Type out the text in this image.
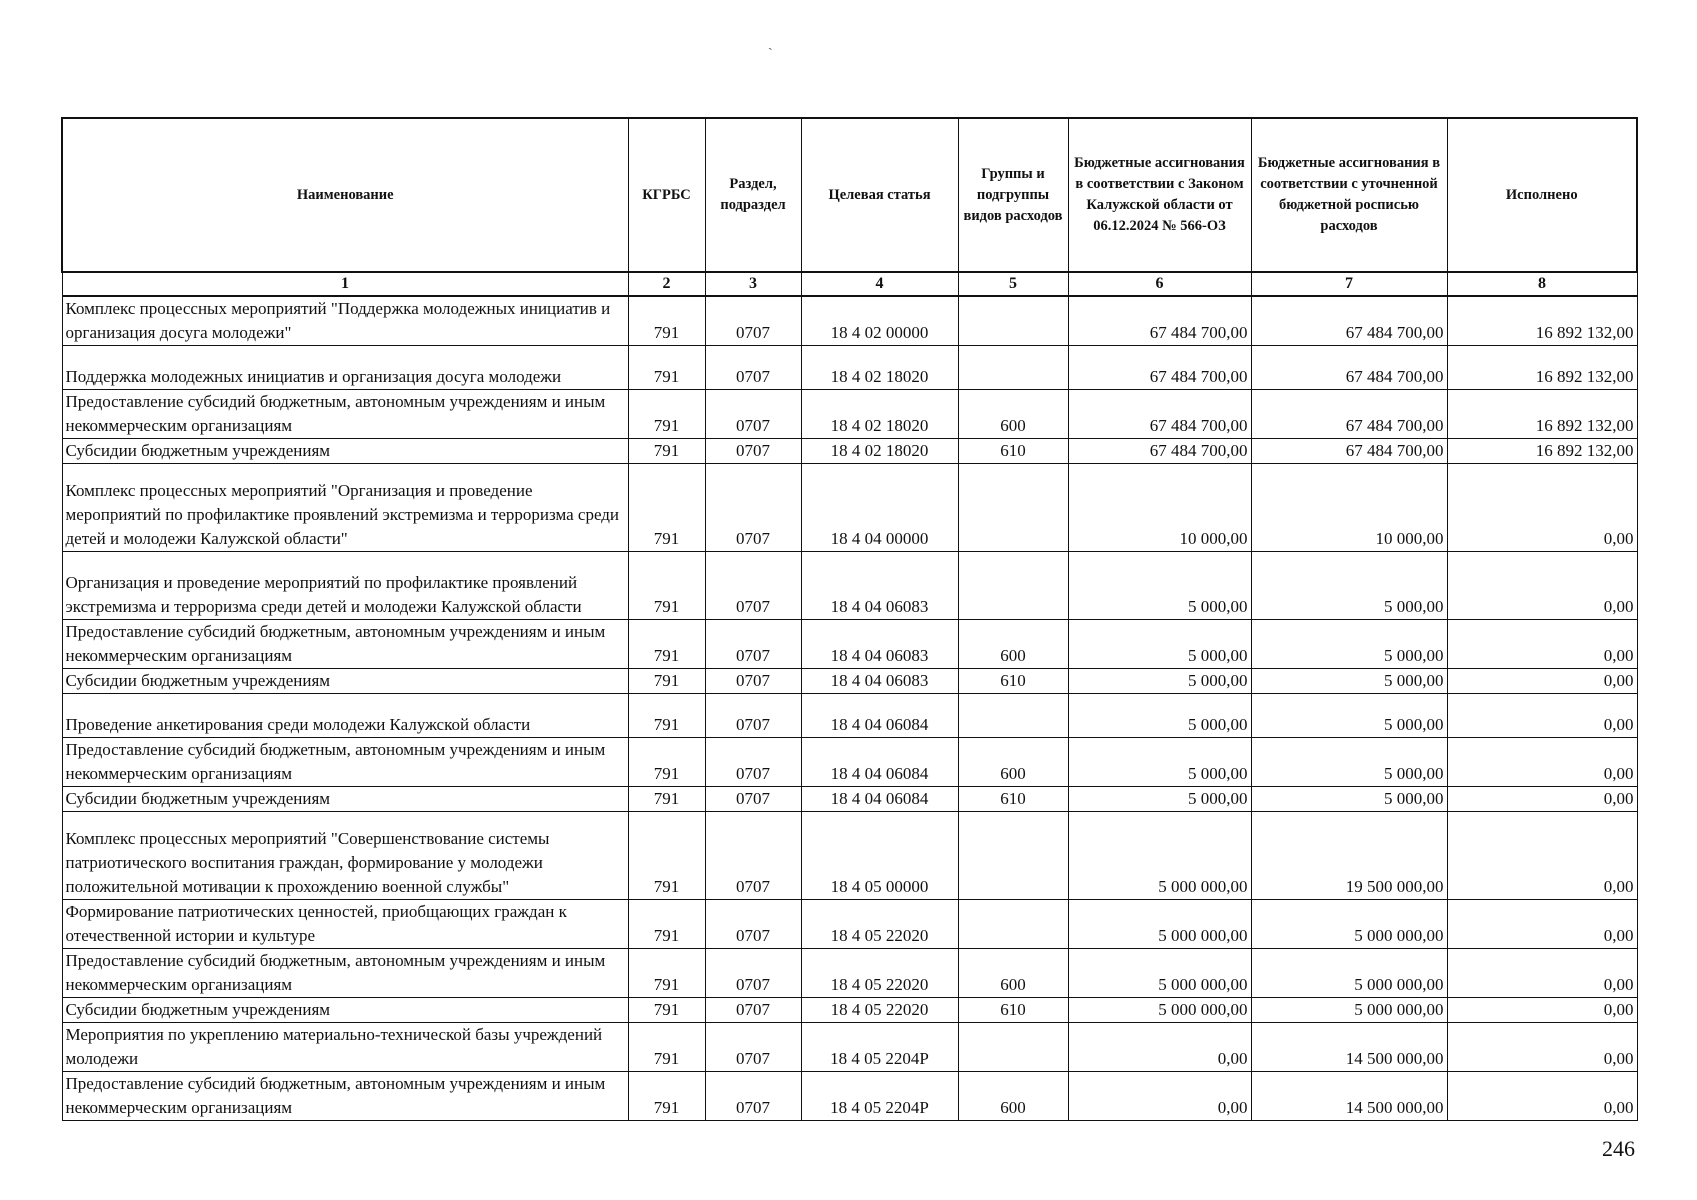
ˏ
Наименование	КГРБС	Раздел, подраздел	Целевая статья	Группы и подгруппы видов расходов	Бюджетные ассигнования в соответствии с Законом Калужской области от 06.12.2024 № 566-ОЗ	Бюджетные ассигнования в соответствии с уточненной бюджетной росписью расходов	Исполнено
1	2	3	4	5	6	7	8
Комплекс процессных мероприятий "Поддержка молодежных инициатив и организация досуга молодежи"	791	0707	18 4 02 00000		67 484 700,00	67 484 700,00	16 892 132,00
Поддержка молодежных инициатив и организация досуга молодежи	791	0707	18 4 02 18020		67 484 700,00	67 484 700,00	16 892 132,00
Предоставление субсидий бюджетным, автономным учреждениям и иным некоммерческим организациям	791	0707	18 4 02 18020	600	67 484 700,00	67 484 700,00	16 892 132,00
Субсидии бюджетным учреждениям	791	0707	18 4 02 18020	610	67 484 700,00	67 484 700,00	16 892 132,00
Комплекс процессных мероприятий "Организация и проведение мероприятий по профилактике проявлений экстремизма и терроризма среди детей и молодежи Калужской области"	791	0707	18 4 04 00000		10 000,00	10 000,00	0,00
Организация и проведение мероприятий по профилактике проявлений экстремизма и терроризма среди детей и молодежи Калужской области	791	0707	18 4 04 06083		5 000,00	5 000,00	0,00
Предоставление субсидий бюджетным, автономным учреждениям и иным некоммерческим организациям	791	0707	18 4 04 06083	600	5 000,00	5 000,00	0,00
Субсидии бюджетным учреждениям	791	0707	18 4 04 06083	610	5 000,00	5 000,00	0,00
Проведение анкетирования среди молодежи Калужской области	791	0707	18 4 04 06084		5 000,00	5 000,00	0,00
Предоставление субсидий бюджетным, автономным учреждениям и иным некоммерческим организациям	791	0707	18 4 04 06084	600	5 000,00	5 000,00	0,00
Субсидии бюджетным учреждениям	791	0707	18 4 04 06084	610	5 000,00	5 000,00	0,00
Комплекс процессных мероприятий "Совершенствование системы патриотического воспитания граждан, формирование у молодежи положительной мотивации к прохождению военной службы"	791	0707	18 4 05 00000		5 000 000,00	19 500 000,00	0,00
Формирование патриотических ценностей, приобщающих граждан к отечественной истории и культуре	791	0707	18 4 05 22020		5 000 000,00	5 000 000,00	0,00
Предоставление субсидий бюджетным, автономным учреждениям и иным некоммерческим организациям	791	0707	18 4 05 22020	600	5 000 000,00	5 000 000,00	0,00
Субсидии бюджетным учреждениям	791	0707	18 4 05 22020	610	5 000 000,00	5 000 000,00	0,00
Мероприятия по укреплению материально-технической базы учреждений молодежи	791	0707	18 4 05 2204Р		0,00	14 500 000,00	0,00
Предоставление субсидий бюджетным, автономным учреждениям и иным некоммерческим организациям	791	0707	18 4 05 2204Р	600	0,00	14 500 000,00	0,00
246
